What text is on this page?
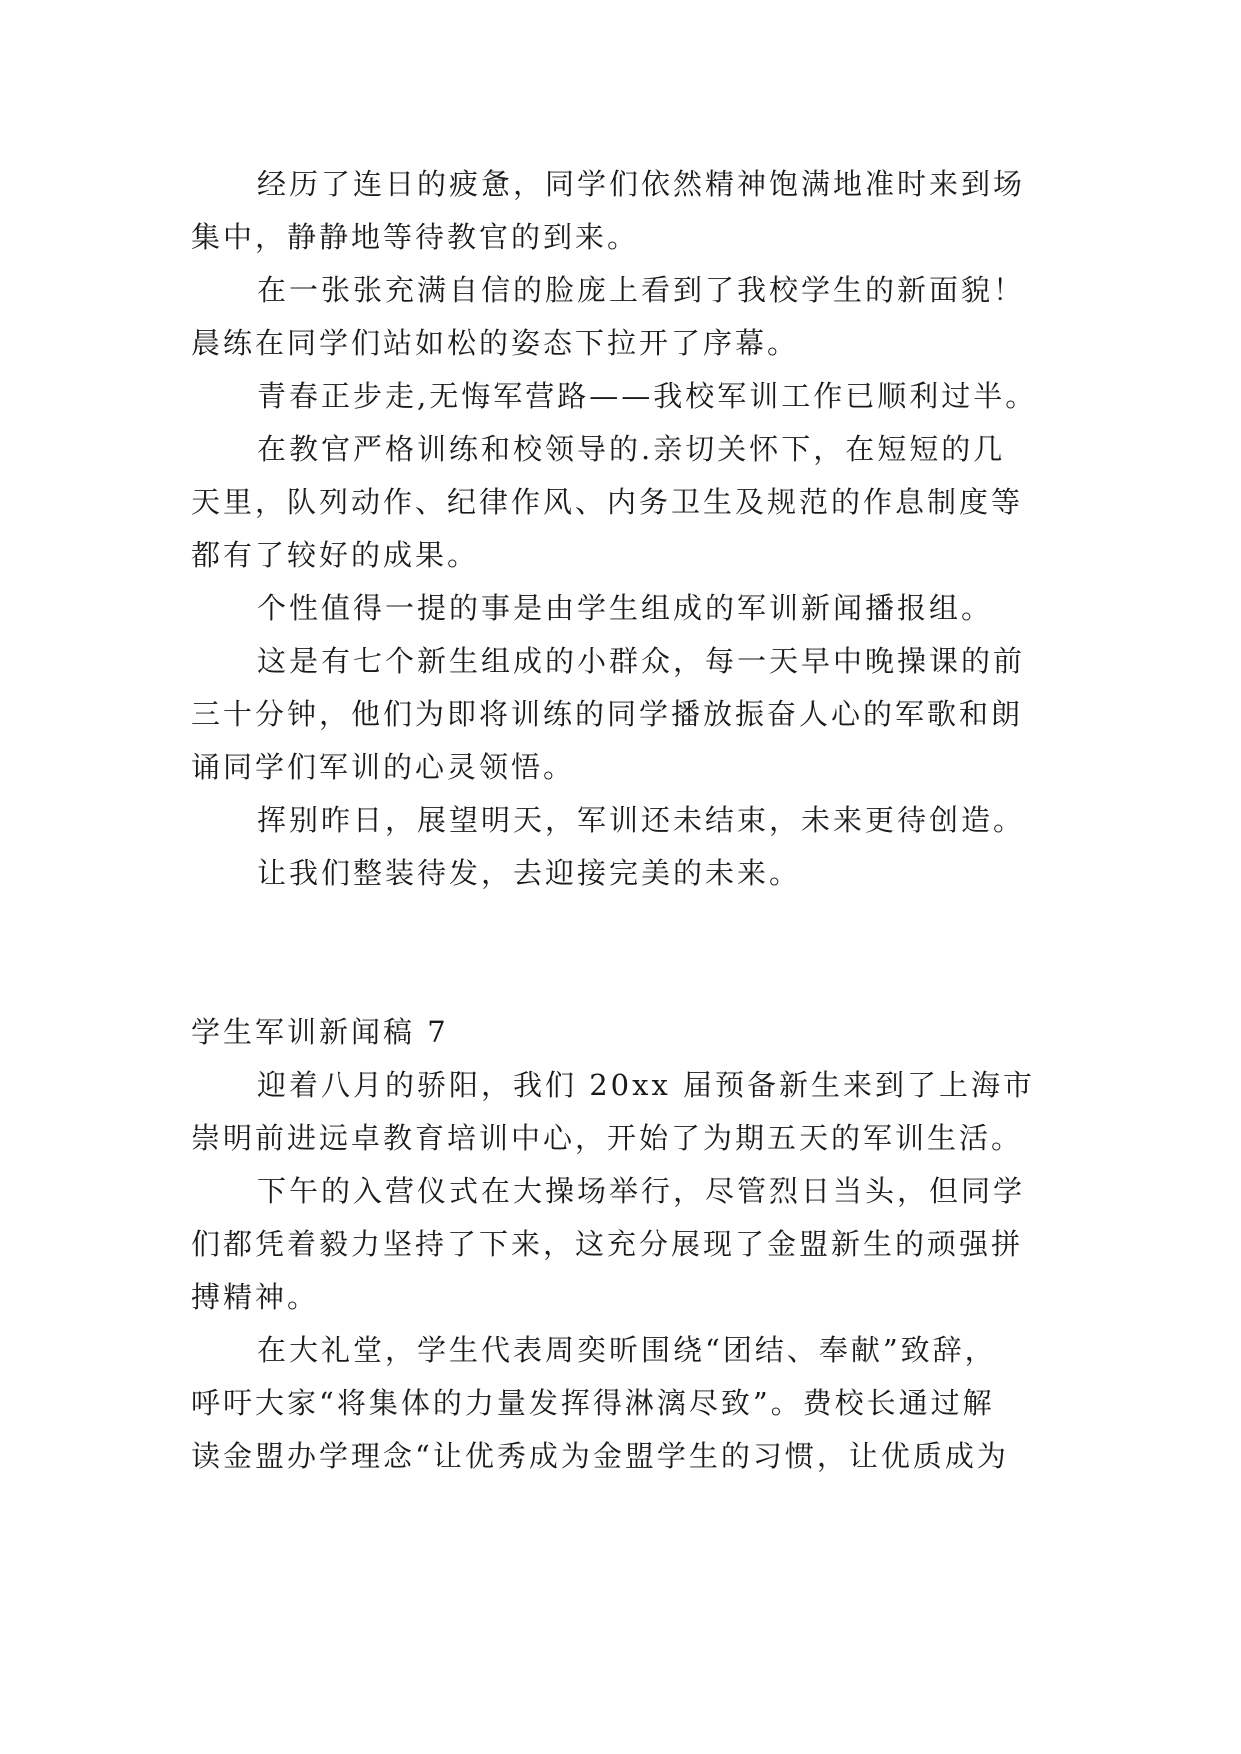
经历了连日的疲惫，同学们依然精神饱满地准时来到场
集中，静静地等待教官的到来。
在一张张充满自信的脸庞上看到了我校学生的新面貌！
晨练在同学们站如松的姿态下拉开了序幕。
青春正步走,无悔军营路——我校军训工作已顺利过半。
在教官严格训练和校领导的.亲切关怀下，在短短的几
天里，队列动作、纪律作风、内务卫生及规范的作息制度等
都有了较好的成果。
个性值得一提的事是由学生组成的军训新闻播报组。
这是有七个新生组成的小群众，每一天早中晚操课的前
三十分钟，他们为即将训练的同学播放振奋人心的军歌和朗
诵同学们军训的心灵领悟。
挥别昨日，展望明天，军训还未结束，未来更待创造。
让我们整装待发，去迎接完美的未来。
学生军训新闻稿 7
迎着八月的骄阳，我们 20xx 届预备新生来到了上海市
崇明前进远卓教育培训中心，开始了为期五天的军训生活。
下午的入营仪式在大操场举行，尽管烈日当头，但同学
们都凭着毅力坚持了下来，这充分展现了金盟新生的顽强拼
搏精神。
在大礼堂，学生代表周奕昕围绕“团结、奉献”致辞，
呼吁大家“将集体的力量发挥得淋漓尽致”。费校长通过解
读金盟办学理念“让优秀成为金盟学生的习惯，让优质成为
